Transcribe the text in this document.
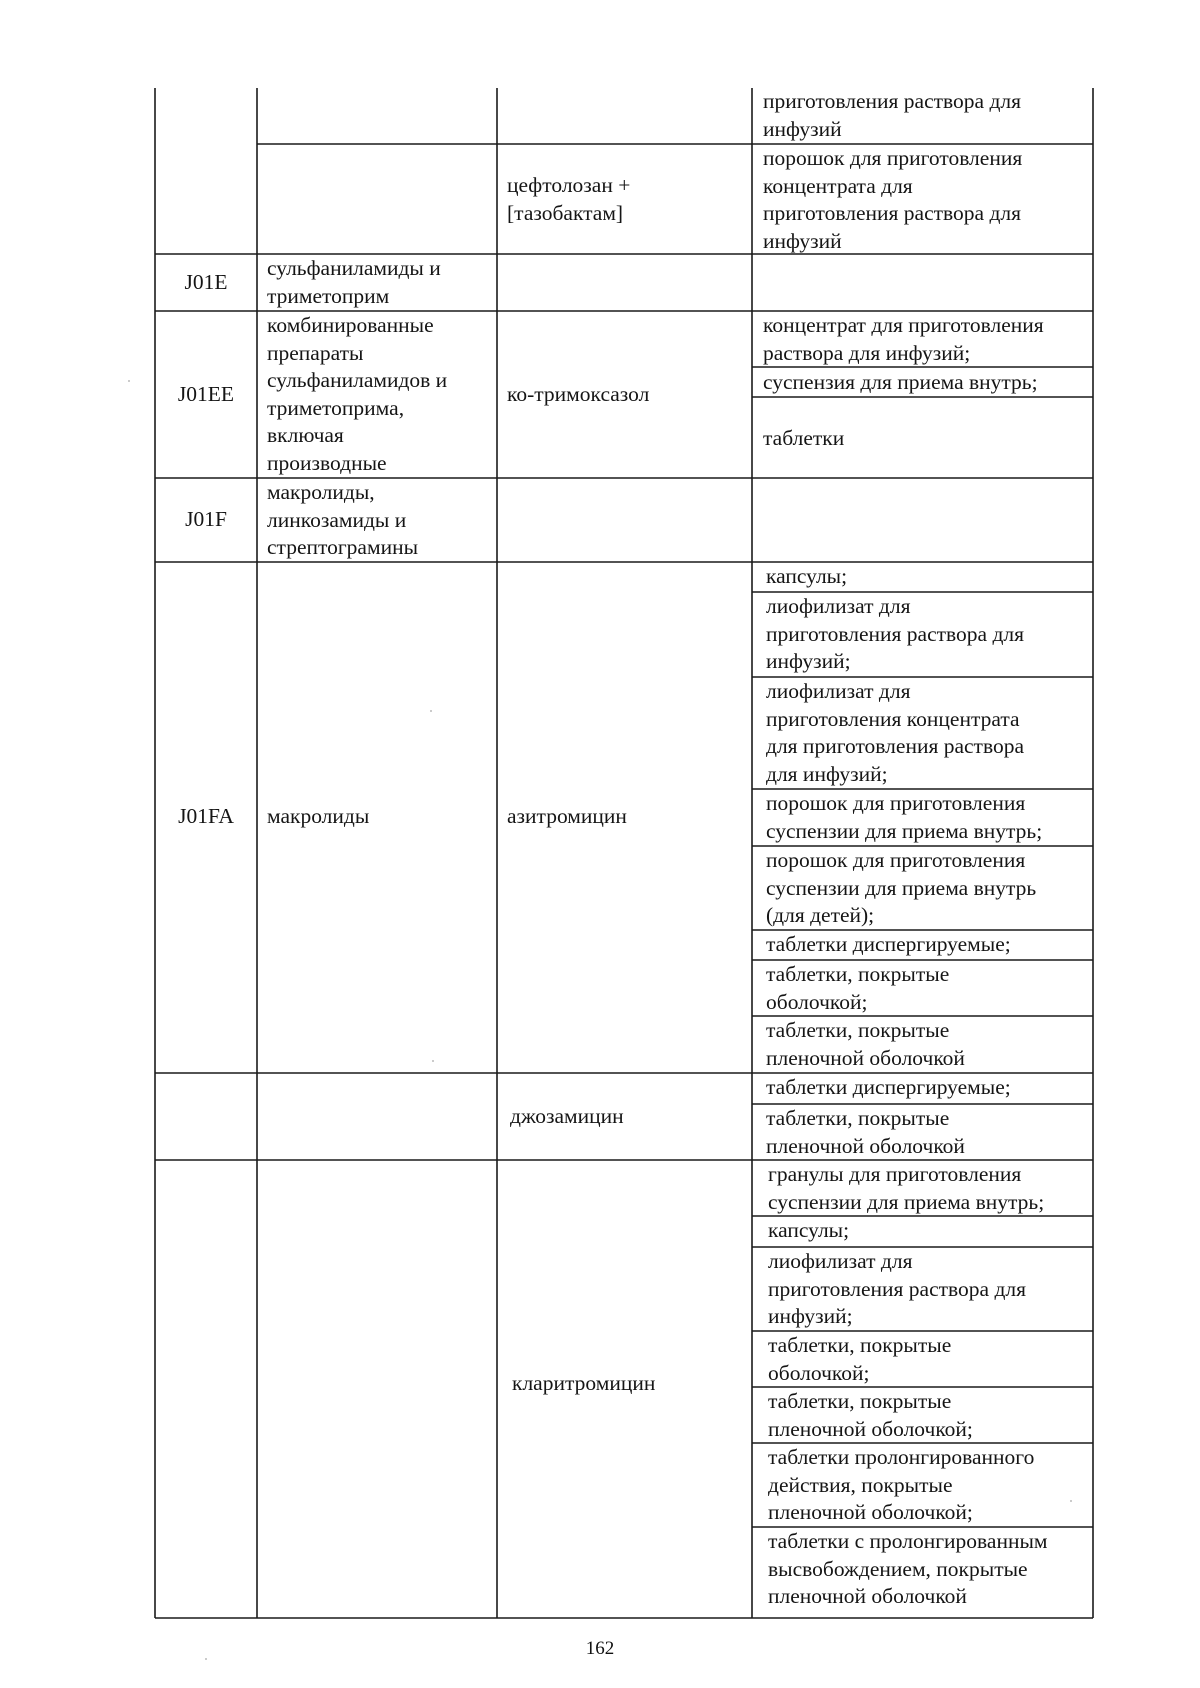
приготовления раствора для
инфузий
цефтолозан +
[тазобактам]
порошок для приготовления
концентрата для
приготовления раствора для
инфузий
J01E
сульфаниламиды и
триметоприм
J01EE
комбинированные
препараты
сульфаниламидов и
триметоприма,
включая
производные
ко-тримоксазол
концентрат для приготовления
раствора для инфузий;
суспензия для приема внутрь;
таблетки
J01F
макролиды,
линкозамиды и
стрептограмины
J01FA	макролиды	азитромицин
капсулы;
лиофилизат для
приготовления раствора для
инфузий;
лиофилизат для
приготовления концентрата
для приготовления раствора
для инфузий;
порошок для приготовления
суспензии для приема внутрь;
порошок для приготовления
суспензии для приема внутрь
(для детей);
таблетки диспергируемые;
таблетки, покрытые
оболочкой;
таблетки, покрытые
пленочной оболочкой
джозамицин
таблетки диспергируемые;
таблетки, покрытые
пленочной оболочкой
кларитромицин
гранулы для приготовления
суспензии для приема внутрь;
капсулы;
лиофилизат для
приготовления раствора для
инфузий;
таблетки, покрытые
оболочкой;
таблетки, покрытые
пленочной оболочкой;
таблетки пролонгированного
действия, покрытые
пленочной оболочкой;
таблетки с пролонгированным
высвобождением, покрытые
пленочной оболочкой
162
